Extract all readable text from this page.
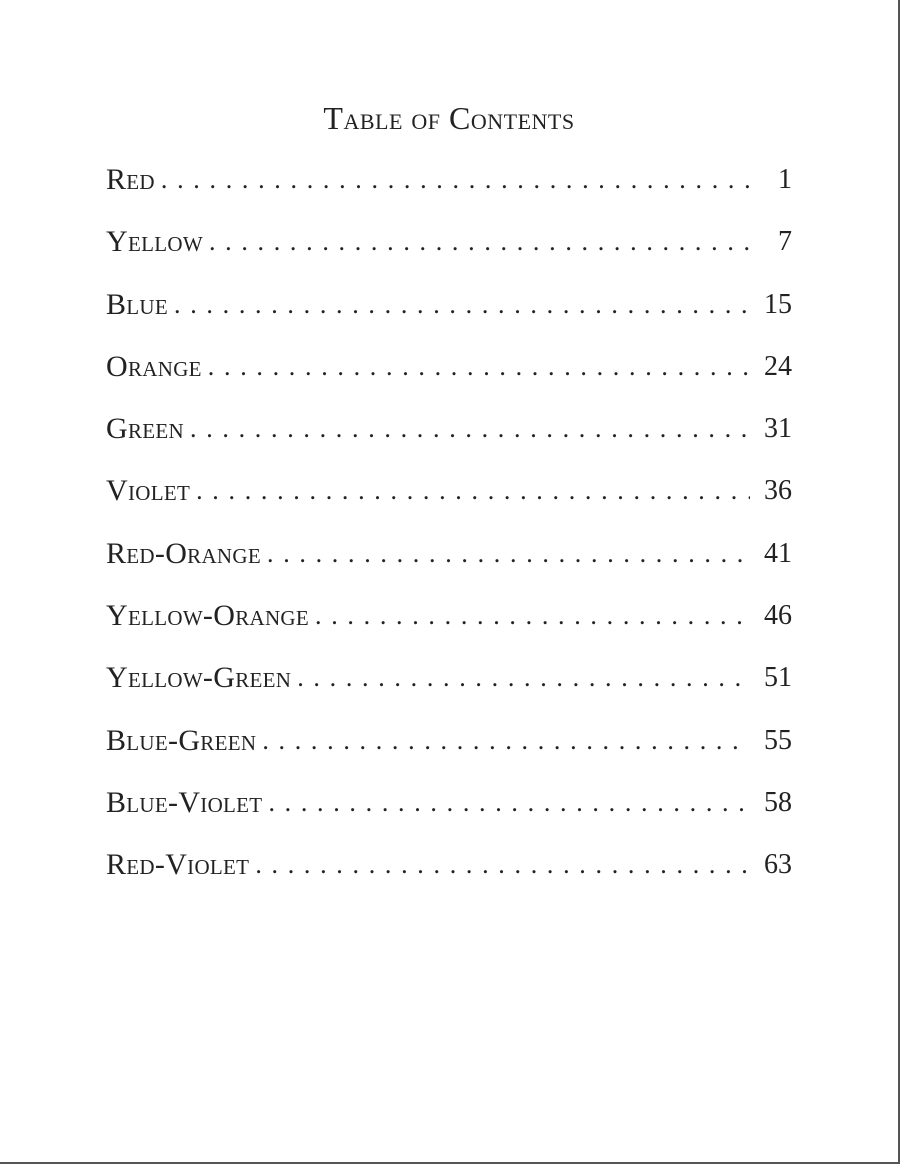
Table of Contents
Red . . .	1
Yellow . . .	7
Blue . . .	15
Orange . . .	24
Green . . .	31
Violet . . .	36
Red-Orange . . .	41
Yellow-Orange . . .	46
Yellow-Green . . .	51
Blue-Green . . .	55
Blue-Violet . . .	58
Red-Violet . . .	63
